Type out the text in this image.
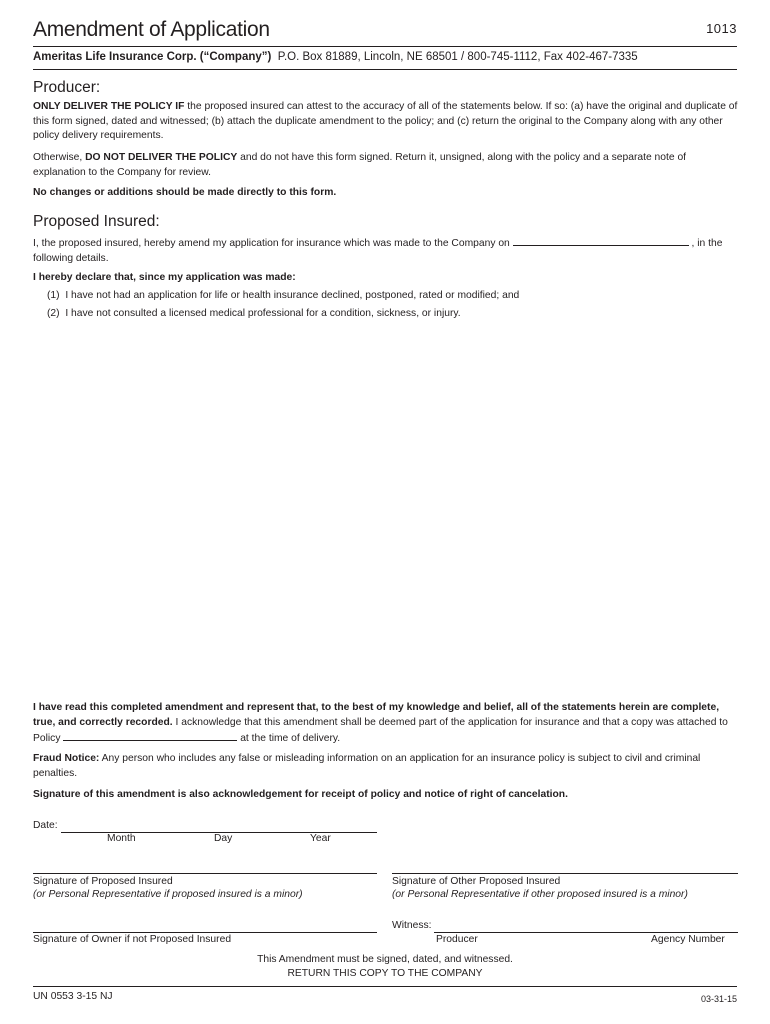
Amendment of Application	1013
Ameritas Life Insurance Corp. (“Company”) P.O. Box 81889, Lincoln, NE 68501 / 800-745-1112, Fax 402-467-7335
Producer:
ONLY DELIVER THE POLICY IF the proposed insured can attest to the accuracy of all of the statements below. If so: (a) have the original and duplicate of this form signed, dated and witnessed; (b) attach the duplicate amendment to the policy; and (c) return the original to the Company along with any other policy delivery requirements.
Otherwise, DO NOT DELIVER THE POLICY and do not have this form signed. Return it, unsigned, along with the policy and a separate note of explanation to the Company for review.
No changes or additions should be made directly to this form.
Proposed Insured:
I, the proposed insured, hereby amend my application for insurance which was made to the Company on	, in the following details.
I hereby declare that, since my application was made:
(1) I have not had an application for life or health insurance declined, postponed, rated or modified; and
(2) I have not consulted a licensed medical professional for a condition, sickness, or injury.
I have read this completed amendment and represent that, to the best of my knowledge and belief, all of the statements herein are complete, true, and correctly recorded. I acknowledge that this amendment shall be deemed part of the application for insurance and that a copy was attached to Policy	at the time of delivery.
Fraud Notice: Any person who includes any false or misleading information on an application for an insurance policy is subject to civil and criminal penalties.
Signature of this amendment is also acknowledgement for receipt of policy and notice of right of cancelation.
Date:
Month	Day	Year
Signature of Proposed Insured
(or Personal Representative if proposed insured is a minor)
Signature of Other Proposed Insured
(or Personal Representative if other proposed insured is a minor)
Witness:
Signature of Owner if not Proposed Insured	Producer	Agency Number
This Amendment must be signed, dated, and witnessed.
RETURN THIS COPY TO THE COMPANY
UN 0553 3-15 NJ	03-31-15
